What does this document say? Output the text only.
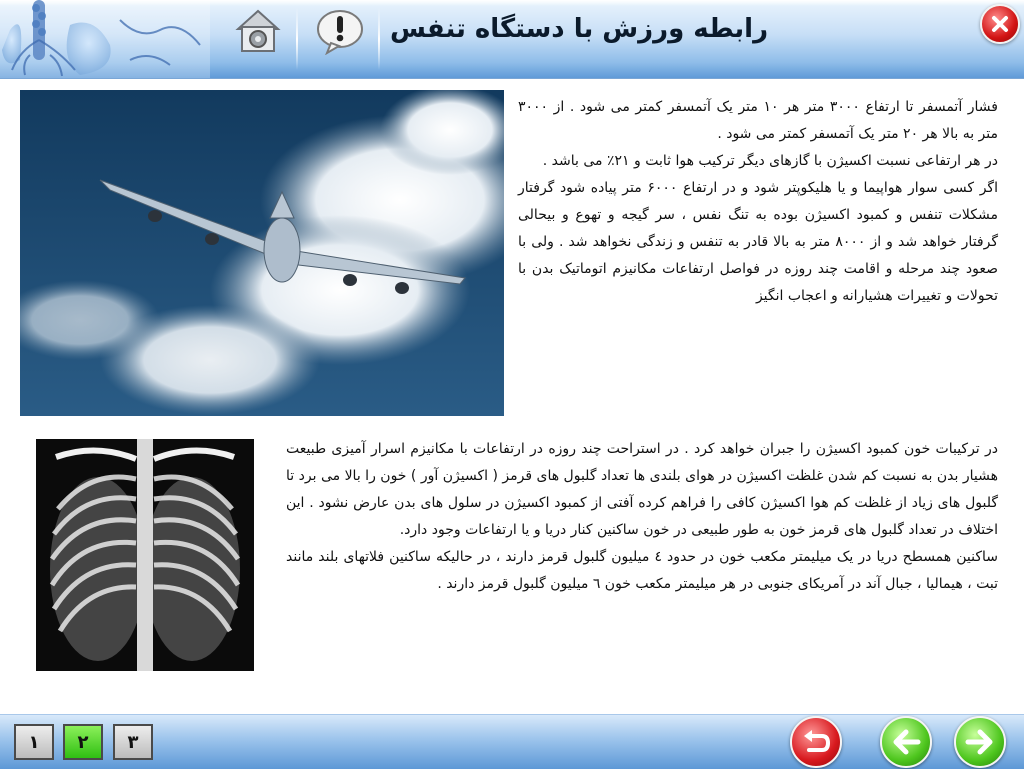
رابطه ورزش با دستگاه تنفس

فشار آتمسفر تا ارتفاع ۳۰۰۰ متر هر ۱۰ متر یک آتمسفر کمتر می شود . از ۳۰۰۰ متر به بالا هر ۲۰ متر یک آتمسفر کمتر می شود .

در هر ارتفاعی نسبت اکسیژن با گازهای دیگر ترکیب هوا ثابت و ۲۱٪ می باشد .

اگر کسی سوار هواپیما و یا هلیکوپتر شود و در ارتفاع ۶۰۰۰ متر پیاده شود گرفتار مشکلات تنفس و کمبود اکسیژن بوده به تنگ نفس ، سر گیجه و تهوع و بیحالی گرفتار خواهد شد و از ۸۰۰۰ متر به بالا قادر به تنفس و زندگی نخواهد شد . ولی با صعود چند مرحله و اقامت چند روزه در فواصل ارتفاعات مکانیزم اتوماتیک بدن با تحولات و تغییرات هشیارانه و اعجاب انگیز

در ترکیبات خون کمبود اکسیژن را جبران خواهد کرد . در استراحت چند روزه در ارتفاعات با مکانیزم اسرار آمیزی طبیعت هشیار بدن به نسبت کم شدن غلظت اکسیژن در هوای بلندی ها تعداد گلبول های قرمز ( اکسیژن آور ) خون را بالا می برد تا گلبول های زیاد از غلظت کم هوا اکسیژن کافی را فراهم کرده آفتی از کمبود اکسیژن در سلول های بدن عارض نشود . این اختلاف در تعداد گلبول های قرمز خون به طور طبیعی در خون ساکنین کنار دریا و یا ارتفاعات وجود دارد.

ساکنین همسطح دریا در یک میلیمتر مکعب خون در حدود ٤ میلیون گلبول قرمز دارند ، در حالیکه ساکنین فلاتهای بلند مانند تبت ، هیمالیا ، جبال آند در آمریکای جنوبی در هر میلیمتر مکعب خون ٦ میلیون گلبول قرمز دارند .

۱	۲	۳
